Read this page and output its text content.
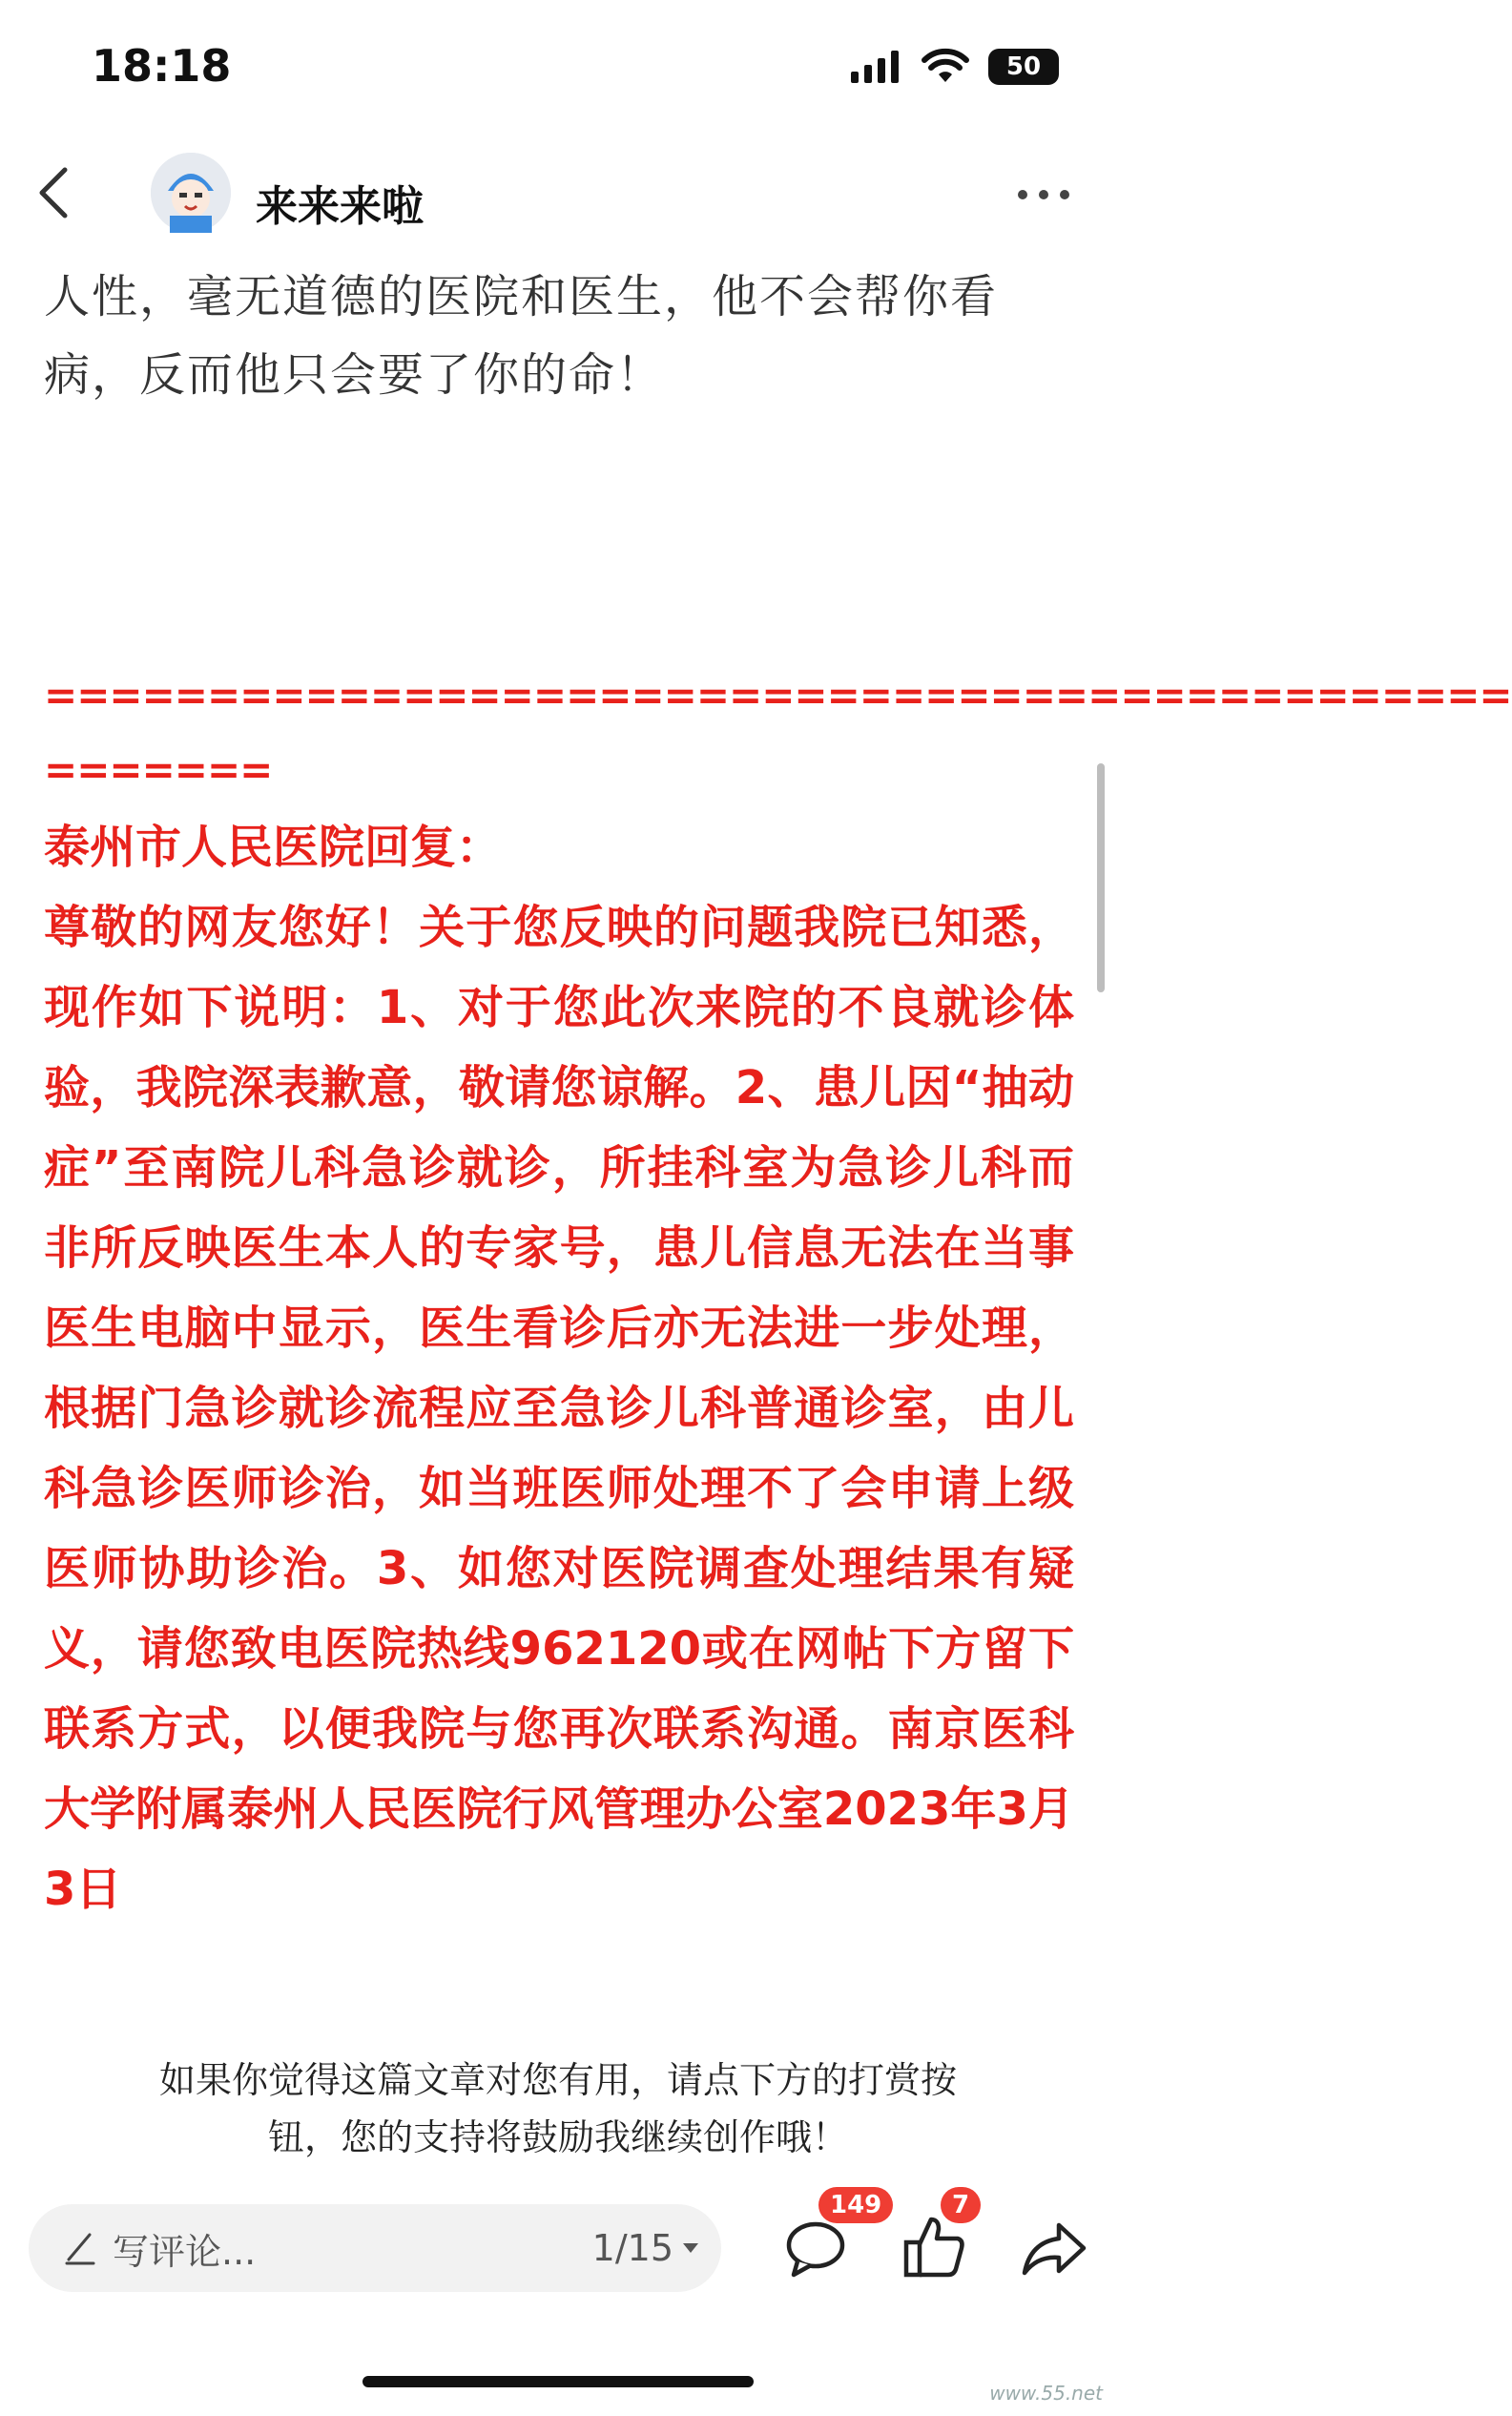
18:18	50
来来来啦
人性，毫无道德的医院和医生，他不会帮你看病，反而他只会要了你的命！
=============================================
=======
泰州市人民医院回复：
尊敬的网友您好！关于您反映的问题我院已知悉，现作如下说明：1、对于您此次来院的不良就诊体验，我院深表歉意，敬请您谅解。2、患儿因“抽动症”至南院儿科急诊就诊，所挂科室为急诊儿科而非所反映医生本人的专家号，患儿信息无法在当事医生电脑中显示，医生看诊后亦无法进一步处理，根据门急诊就诊流程应至急诊儿科普通诊室，由儿科急诊医师诊治，如当班医师处理不了会申请上级医师协助诊治。3、如您对医院调查处理结果有疑义，请您致电医院热线962120或在网帖下方留下联系方式，以便我院与您再次联系沟通。南京医科大学附属泰州人民医院行风管理办公室2023年3月3日
如果你觉得这篇文章对您有用，请点下方的打赏按
钮，您的支持将鼓励我继续创作哦！
写评论...	1/15
149	7
www.55.net
